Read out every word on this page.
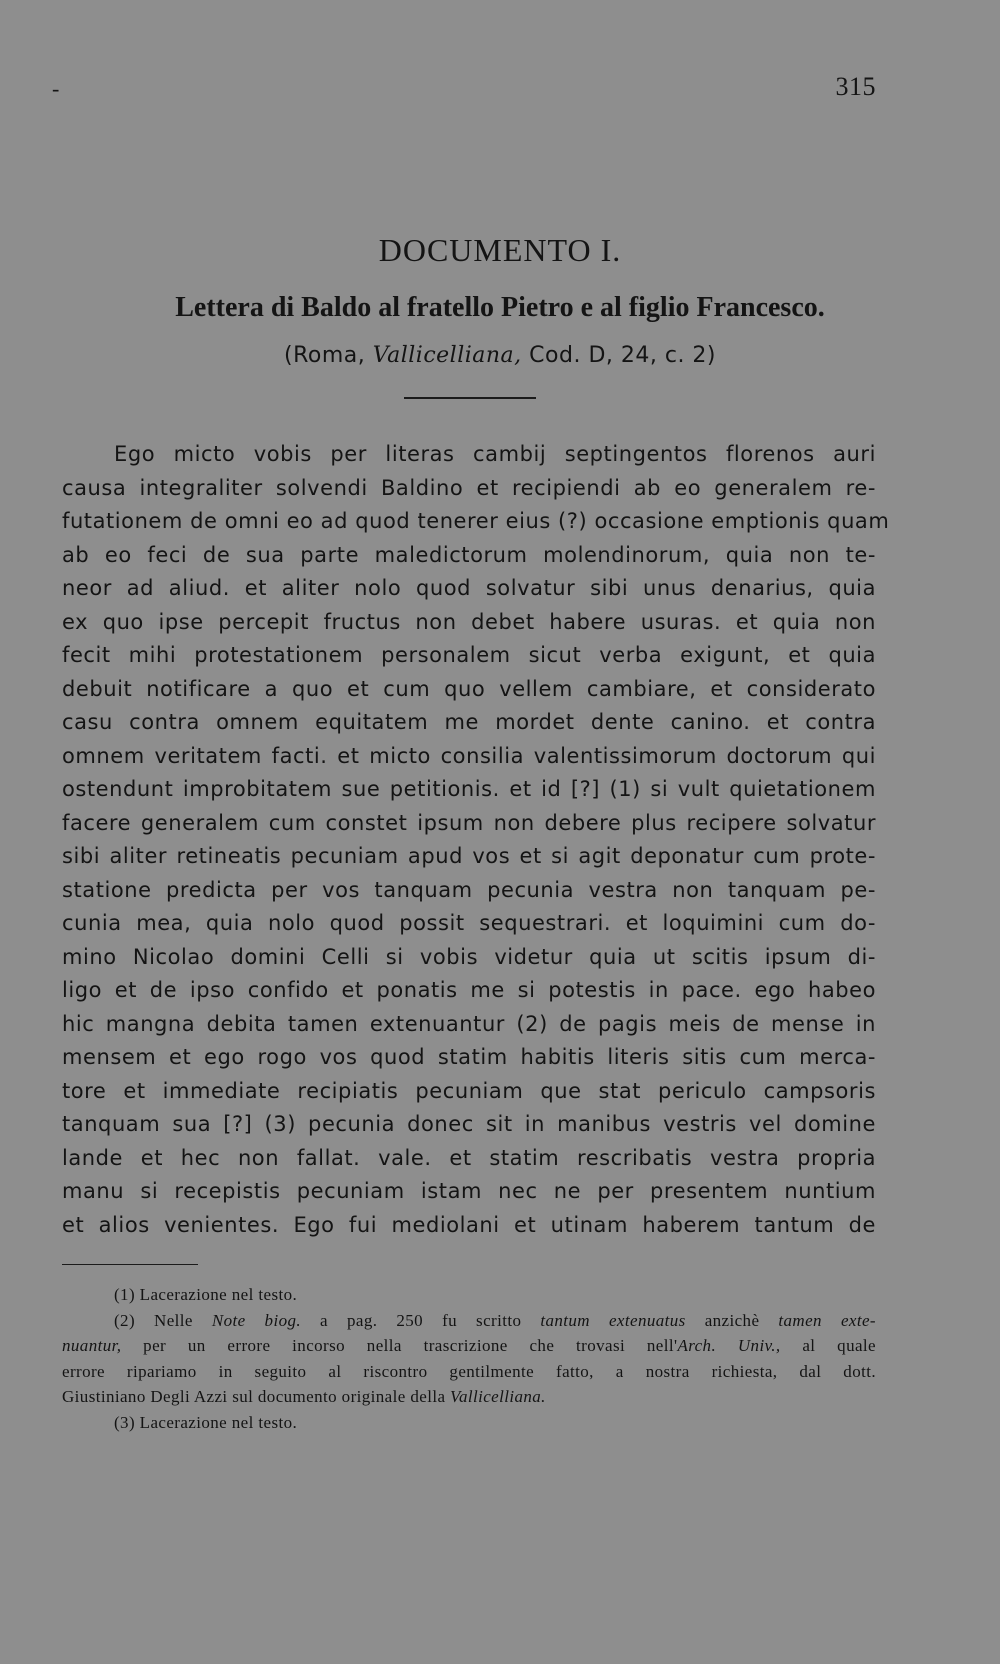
-	315
DOCUMENTO I.
Lettera di Baldo al fratello Pietro e al figlio Francesco.

(Roma, Vallicelliana, Cod. D, 24, c. 2)

Ego micto vobis per literas cambij septingentos florenos auri
causa integraliter solvendi Baldino et recipiendi ab eo generalem re-
futationem de omni eo ad quod tenerer eius (?) occasione emptionis quam
ab eo feci de sua parte maledictorum molendinorum, quia non te-
neor ad aliud. et aliter nolo quod solvatur sibi unus denarius, quia
ex quo ipse percepit fructus non debet habere usuras. et quia non
fecit mihi protestationem personalem sicut verba exigunt, et quia
debuit notificare a quo et cum quo vellem cambiare, et considerato
casu contra omnem equitatem me mordet dente canino. et contra
omnem veritatem facti. et micto consilia valentissimorum doctorum qui
ostendunt improbitatem sue petitionis. et id [?] (1) si vult quietationem
facere generalem cum constet ipsum non debere plus recipere solvatur
sibi aliter retineatis pecuniam apud vos et si agit deponatur cum prote-
statione predicta per vos tanquam pecunia vestra non tanquam pe-
cunia mea, quia nolo quod possit sequestrari. et loquimini cum do-
mino Nicolao domini Celli si vobis videtur quia ut scitis ipsum di-
ligo et de ipso confido et ponatis me si potestis in pace. ego habeo
hic mangna debita tamen extenuantur (2) de pagis meis de mense in
mensem et ego rogo vos quod statim habitis literis sitis cum merca-
tore et immediate recipiatis pecuniam que stat periculo campsoris
tanquam sua [?] (3) pecunia donec sit in manibus vestris vel domine
lande et hec non fallat. vale. et statim rescribatis vestra propria
manu si recepistis pecuniam istam nec ne per presentem nuntium
et alios venientes. Ego fui mediolani et utinam haberem tantum de
(1) Lacerazione nel testo.
(2) Nelle Note biog. a pag. 250 fu scritto tantum extenuatus anzichè tamen exte-
nuantur, per un errore incorso nella trascrizione che trovasi nell'Arch. Univ., al quale
errore ripariamo in seguito al riscontro gentilmente fatto, a nostra richiesta, dal dott.
Giustiniano Degli Azzi sul documento originale della Vallicelliana.
(3) Lacerazione nel testo.
